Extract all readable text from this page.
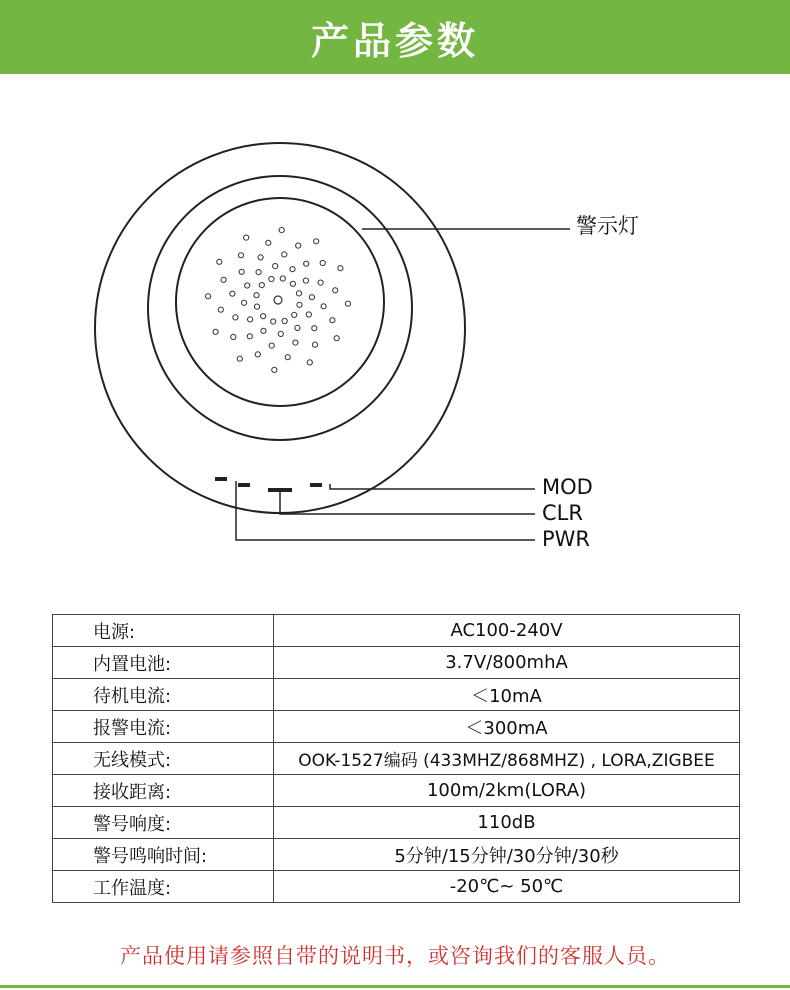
产品参数
警示灯
MOD
CLR
PWR
电源:	AC100-240V
内置电池:	3.7V/800mhA
待机电流:	＜10mA
报警电流:	＜300mA
无线模式:	OOK-1527编码 (433MHZ/868MHZ) , LORA,ZIGBEE
接收距离:	100m/2km(LORA)
警号响度:	110dB
警号鸣响时间:	5分钟/15分钟/30分钟/30秒
工作温度:	-20℃~ 50℃
产品使用请参照自带的说明书，或咨询我们的客服人员。
